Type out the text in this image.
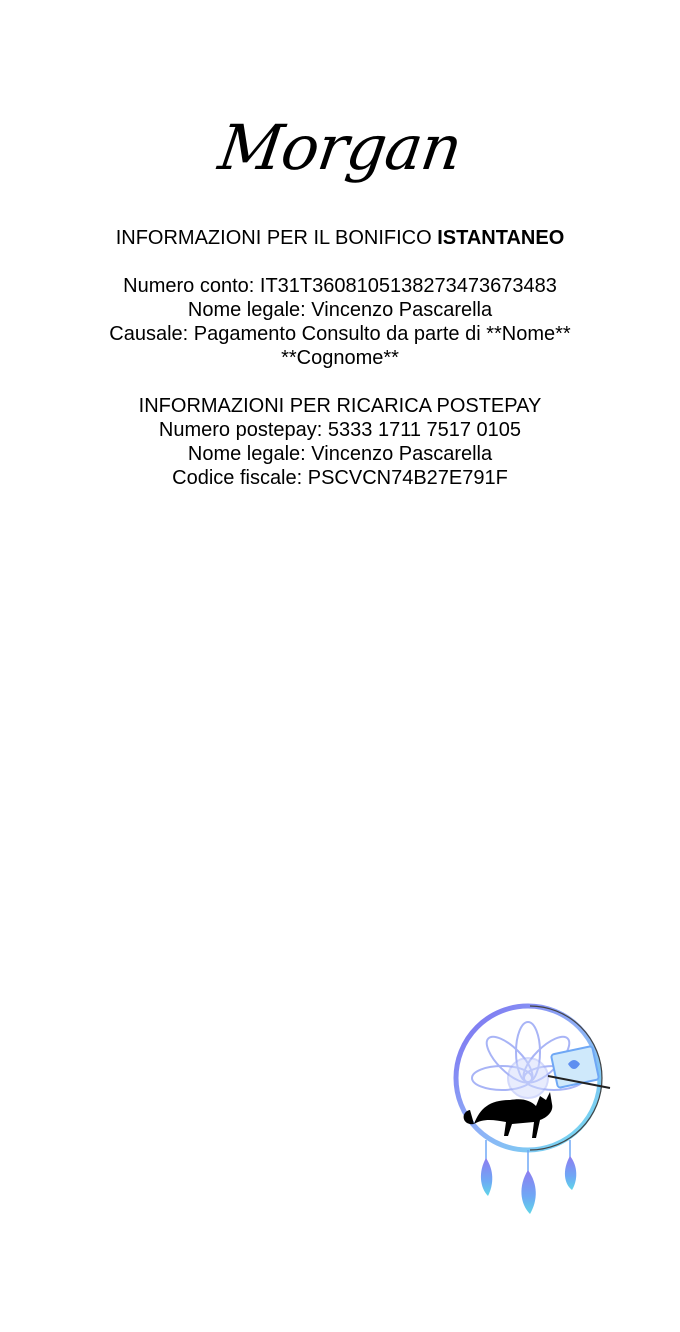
Morgan

INFORMAZIONI PER IL BONIFICO ISTANTANEO

Numero conto: IT31T3608105138273473673483

Nome legale: Vincenzo Pascarella

Causale: Pagamento Consulto da parte di **Nome**

**Cognome**

INFORMAZIONI PER RICARICA POSTEPAY

Numero postepay: 5333 1711 7517 0105

Nome legale: Vincenzo Pascarella

Codice fiscale: PSCVCN74B27E791F
